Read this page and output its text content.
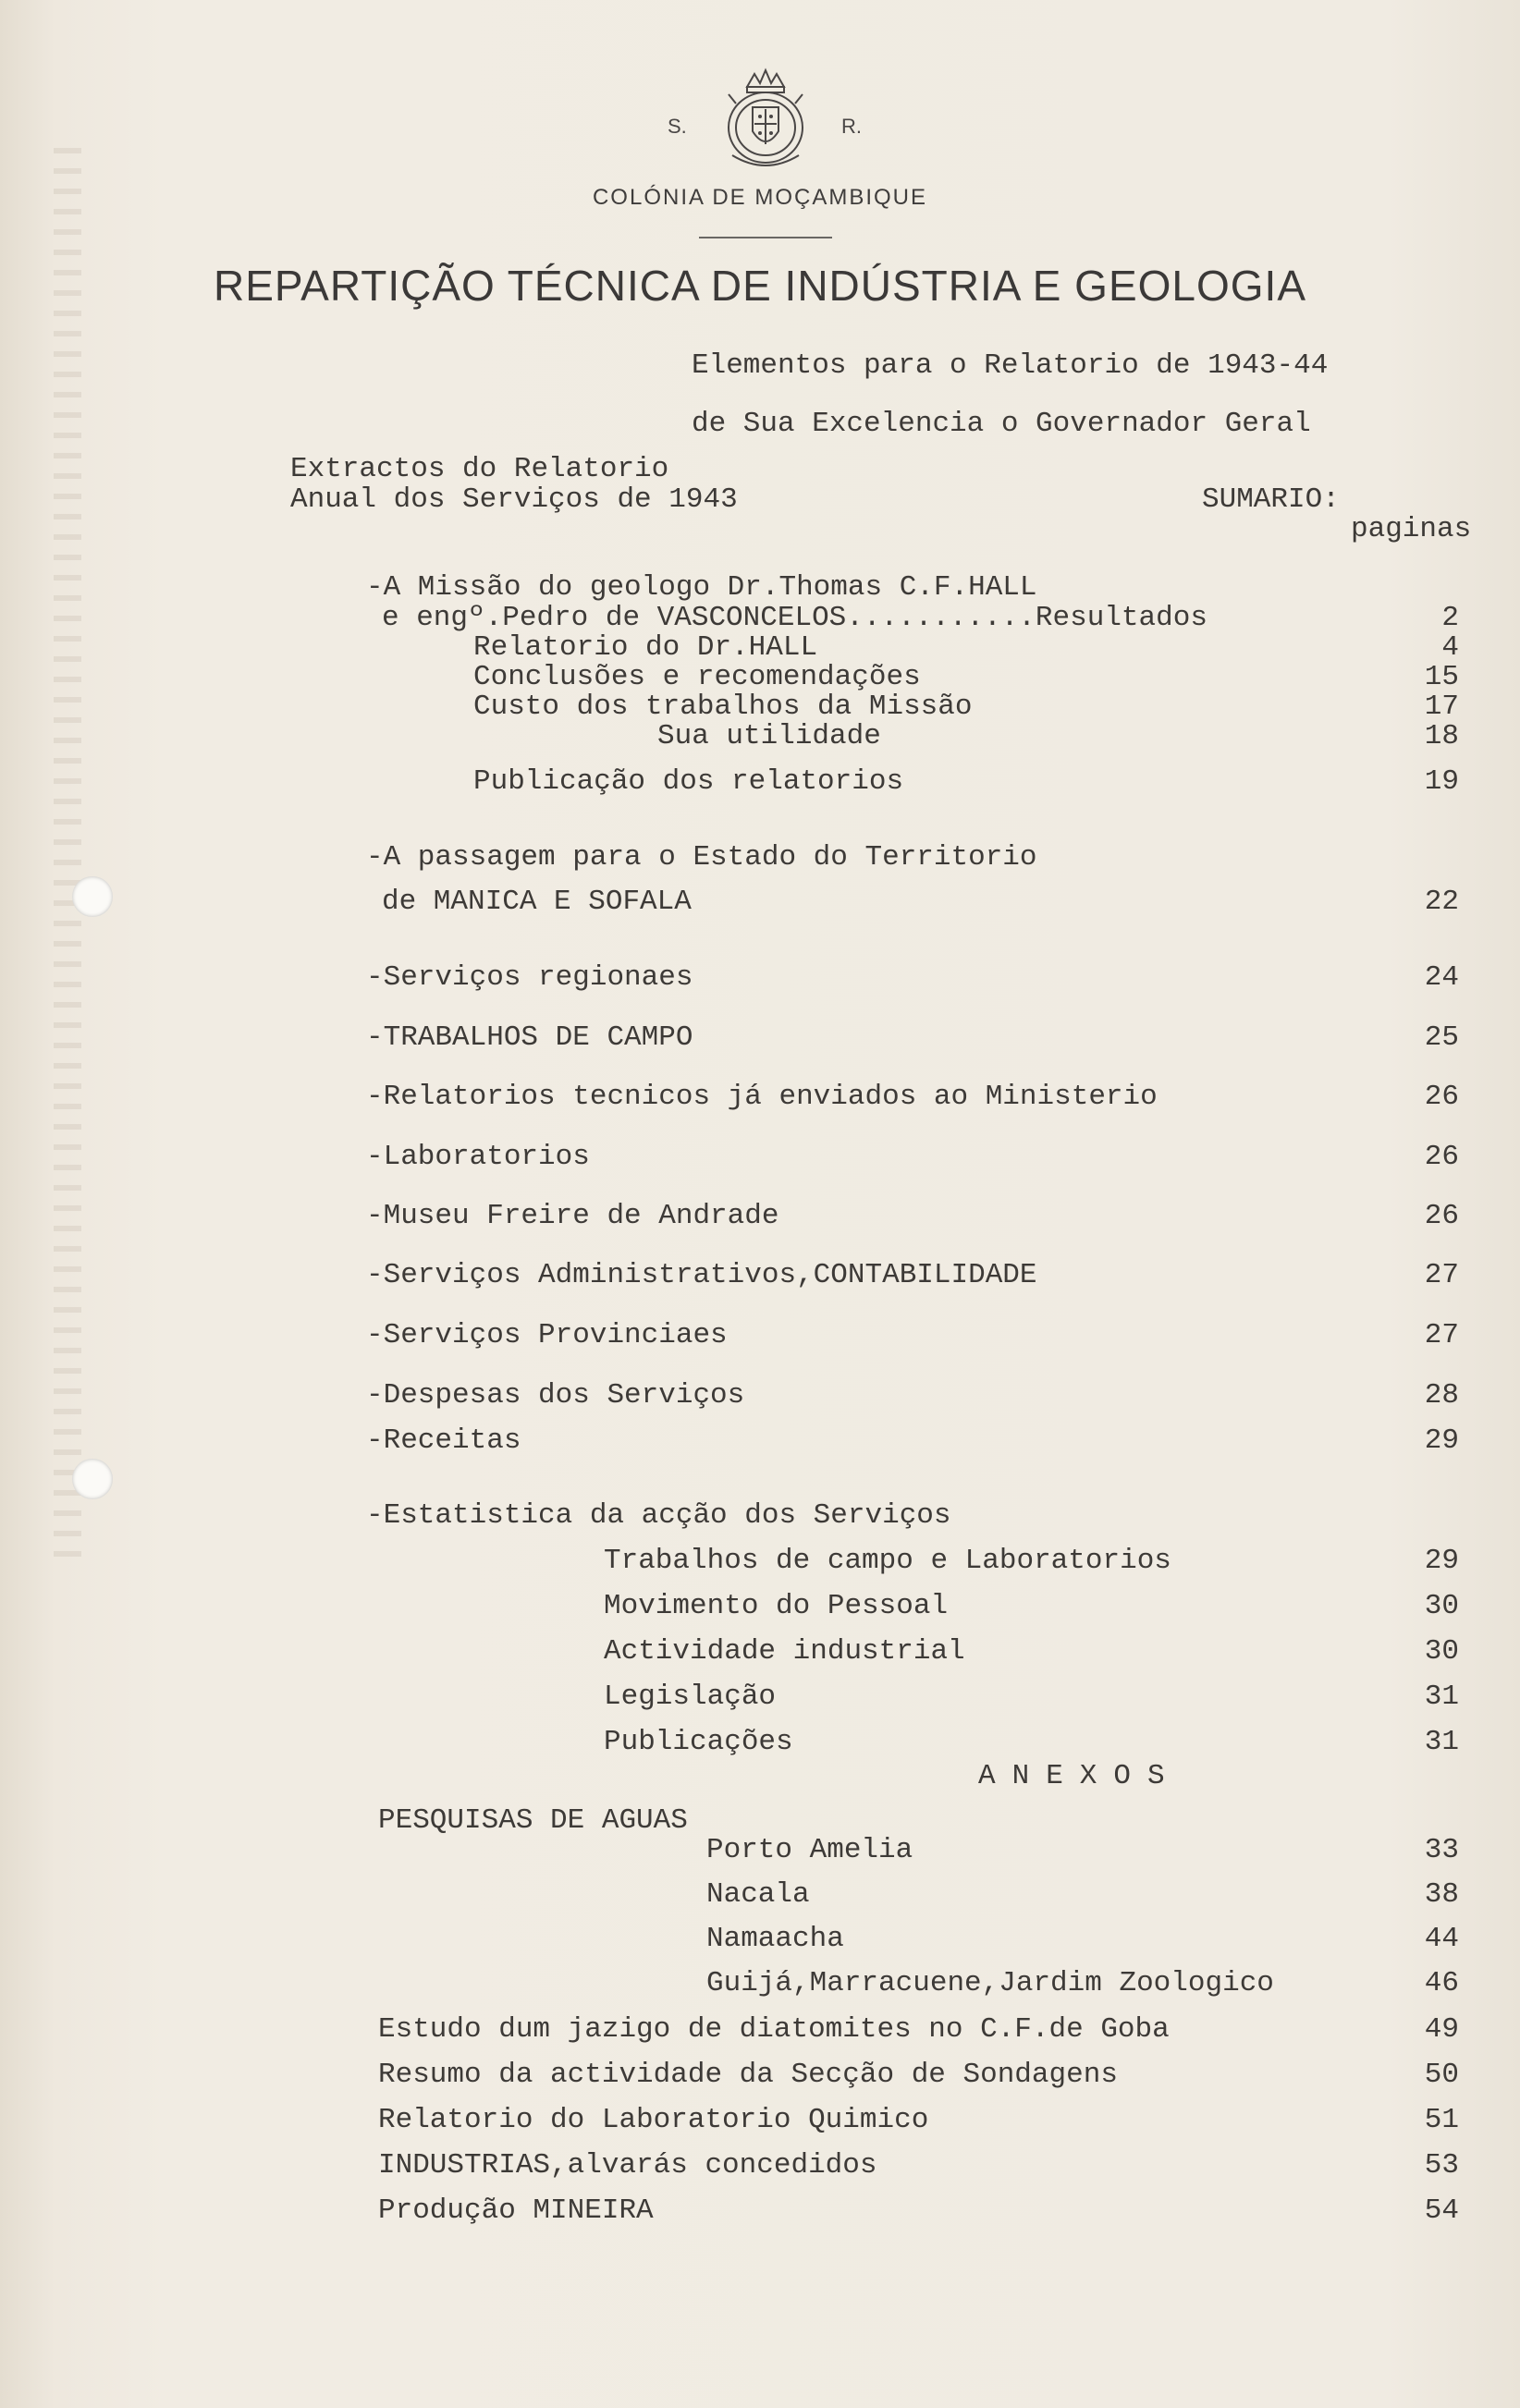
S.	R.
COLÓNIA DE MOÇAMBIQUE
REPARTIÇÃO TÉCNICA DE INDÚSTRIA E GEOLOGIA
Elementos para o Relatorio de 1943-44
de Sua Excelencia o Governador Geral
Extractos do Relatorio
Anual dos Serviços de 1943	SUMARIO:
paginas
-A Missão do geologo Dr.Thomas C.F.HALL
e engº.Pedro de VASCONCELOS...........Resultados	2
Relatorio do Dr.HALL	4
Conclusões e recomendações	15
Custo dos trabalhos da Missão	17
Sua utilidade	18
Publicação dos relatorios	19
-A passagem para o Estado do Territorio
de MANICA E SOFALA	22
-Serviços regionaes	24
-TRABALHOS DE CAMPO	25
-Relatorios tecnicos já enviados ao Ministerio	26
-Laboratorios	26
-Museu Freire de Andrade	26
-Serviços Administrativos,CONTABILIDADE	27
-Serviços Provinciaes	27
-Despesas dos Serviços	28
-Receitas	29
-Estatistica da acção dos Serviços
Trabalhos de campo e Laboratorios	29
Movimento do Pessoal	30
Actividade industrial	30
Legislação	31
Publicações	31
ANEXOS
PESQUISAS DE AGUAS
Porto Amelia	33
Nacala	38
Namaacha	44
Guijá,Marracuene,Jardim Zoologico	46
Estudo dum jazigo de diatomites no C.F.de Goba	49
Resumo da actividade da Secção de Sondagens	50
Relatorio do Laboratorio Quimico	51
INDUSTRIAS,alvarás concedidos	53
Produção MINEIRA	54
